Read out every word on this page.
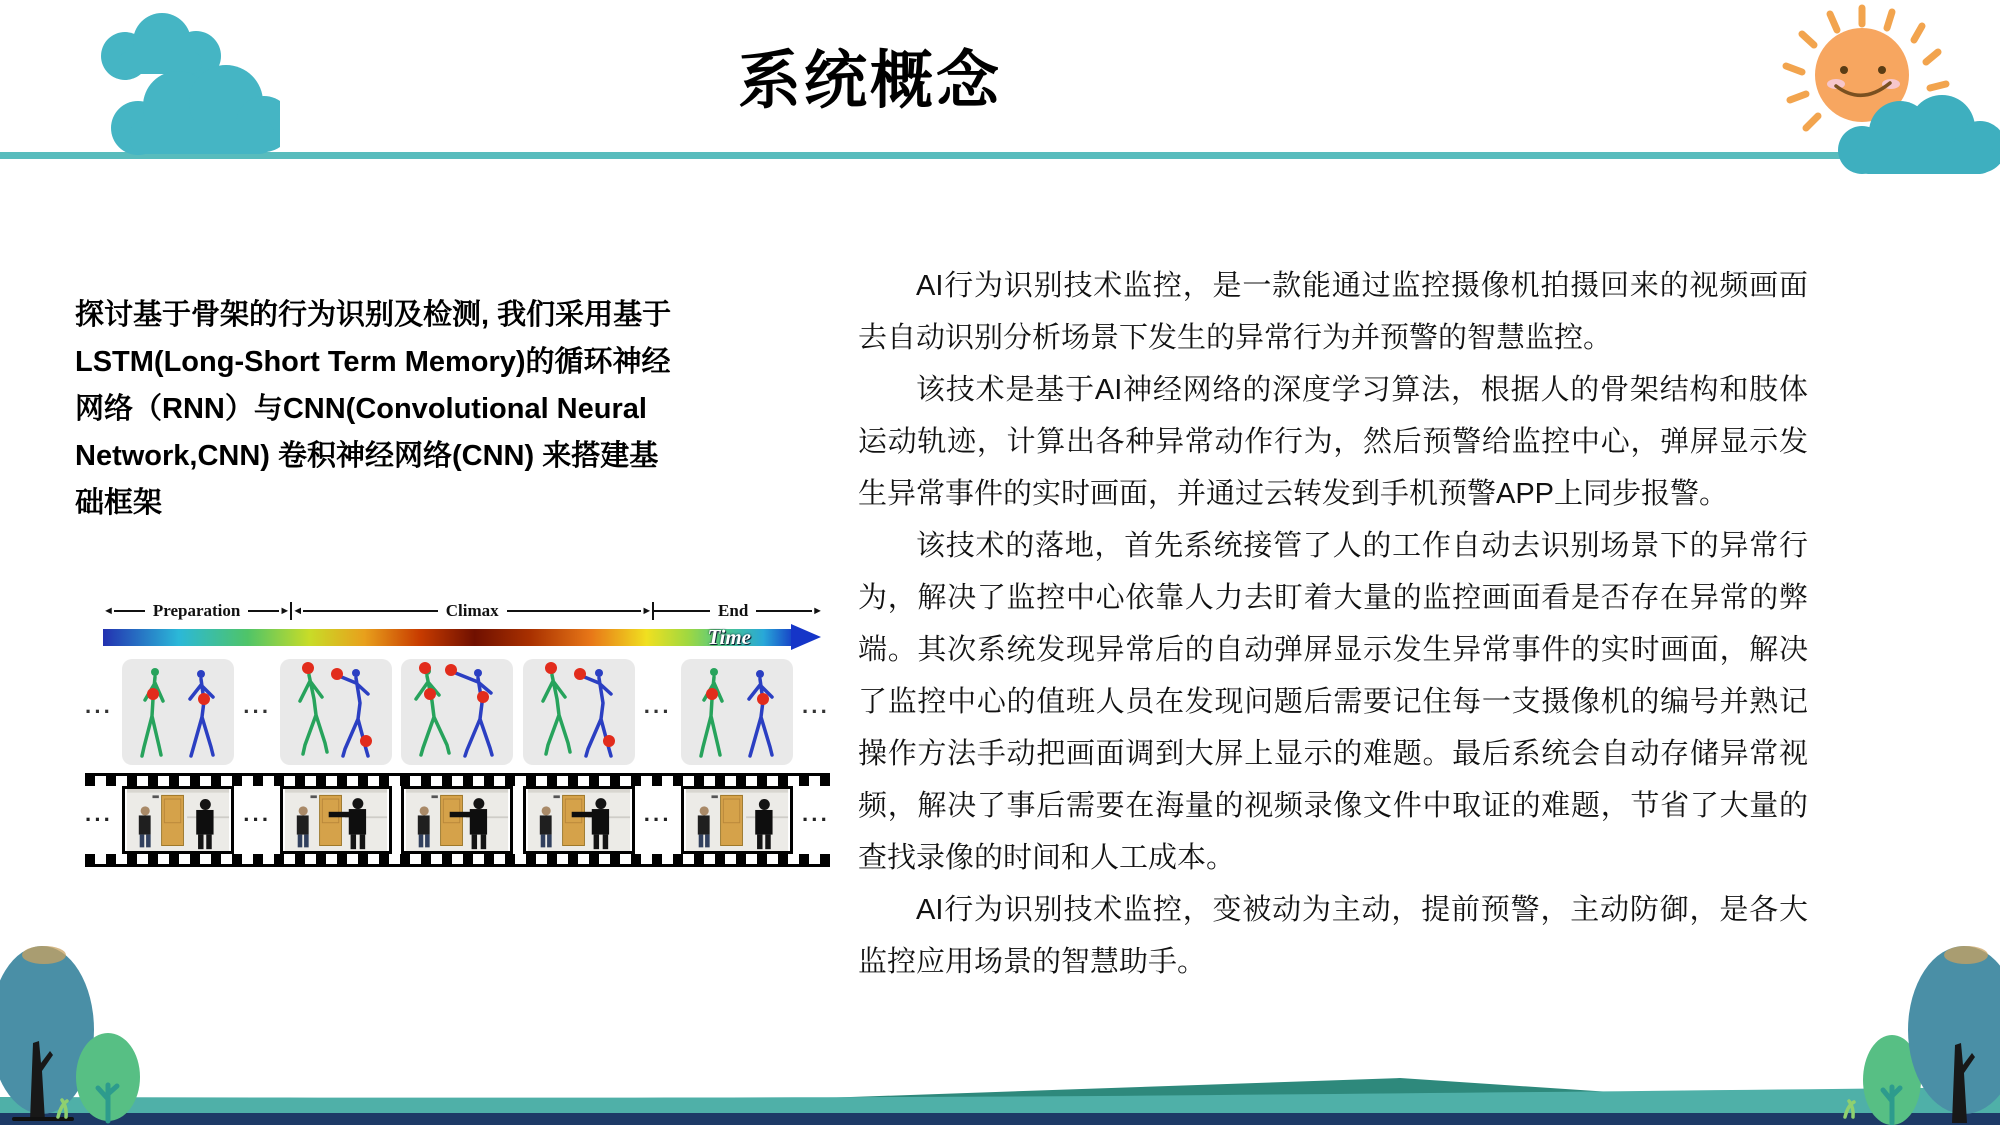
系统概念
探讨基于骨架的行为识别及检测, 我们采用基于LSTM(Long-Short Term Memory)的循环神经网络（RNN）与CNN(Convolutional Neural Network,CNN) 卷积神经网络(CNN) 来搭建基础框架
◄	Preparation	► ◄	Climax	►	End	►
Time
···	···	···	···
···	···	···	···

AI行为识别技术监控，是一款能通过监控摄像机拍摄回来的视频画面去自动识别分析场景下发生的异常行为并预警的智慧监控。

该技术是基于AI神经网络的深度学习算法，根据人的骨架结构和肢体运动轨迹，计算出各种异常动作行为，然后预警给监控中心，弹屏显示发生异常事件的实时画面，并通过云转发到手机预警APP上同步报警。

该技术的落地，首先系统接管了人的工作自动去识别场景下的异常行为，解决了监控中心依靠人力去盯着大量的监控画面看是否存在异常的弊端。其次系统发现异常后的自动弹屏显示发生异常事件的实时画面，解决了监控中心的值班人员在发现问题后需要记住每一支摄像机的编号并熟记操作方法手动把画面调到大屏上显示的难题。最后系统会自动存储异常视频，解决了事后需要在海量的视频录像文件中取证的难题，节省了大量的查找录像的时间和人工成本。

AI行为识别技术监控，变被动为主动，提前预警，主动防御，是各大监控应用场景的智慧助手。
